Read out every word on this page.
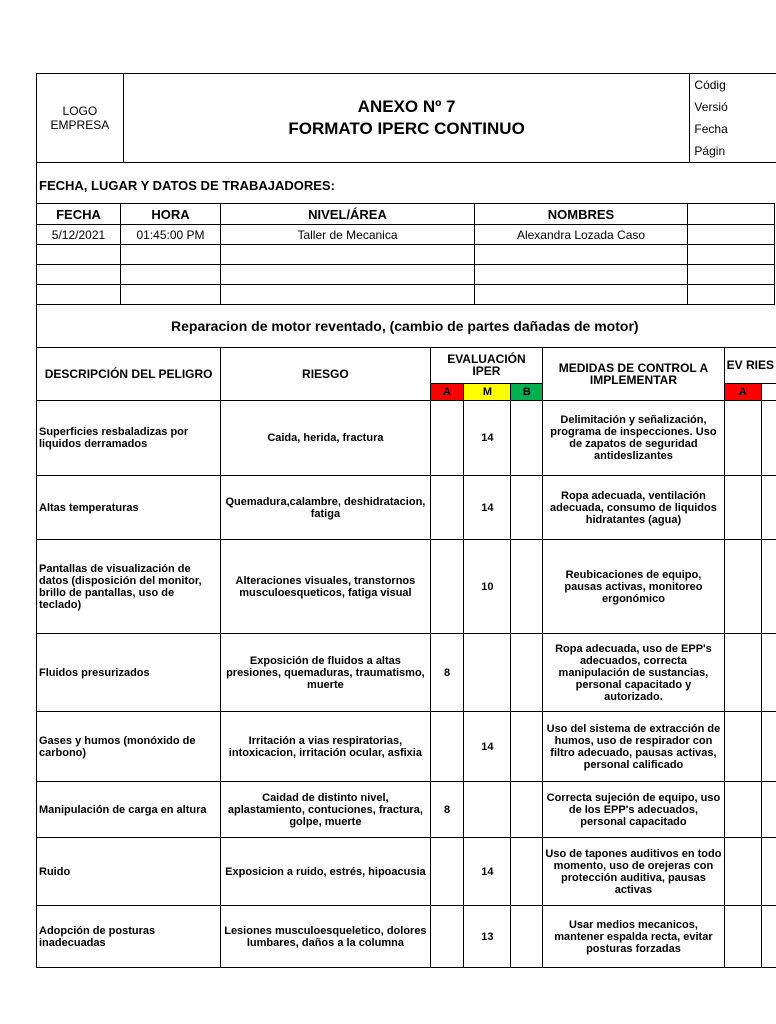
LOGO
EMPRESA

ANEXO Nº 7
FORMATO IPERC CONTINUO

Códig
Versió
Fecha
Págin
FECHA, LUGAR Y DATOS DE TRABAJADORES:
FECHA	HORA	NIVEL/ÁREA	NOMBRES	
5/12/2021	01:45:00 PM	Taller de Mecanica	Alexandra Lozada Caso	

Reparacion de motor reventado, (cambio de partes dañadas de motor)
DESCRIPCIÓN DEL PELIGRO	RIESGO	EVALUACIÓN IPER			MEDIDAS DE CONTROL A IMPLEMENTAR	EV RIES	
		A	M	B		A	
Superficies resbaladizas por liquidos derramados	Caida, herida, fractura		14		Delimitación y señalización, programa de inspecciones. Uso de zapatos de seguridad antideslizantes		
Altas temperaturas	Quemadura,calambre, deshidratacion, fatiga		14		Ropa adecuada, ventilación adecuada, consumo de liquidos hidratantes (agua)		
Pantallas de visualización de datos (disposición del monitor, brillo de pantallas, uso de teclado)	Alteraciones visuales, transtornos musculoesqueticos, fatiga visual		10		Reubicaciones de equipo, pausas activas, monitoreo ergonómico		
Fluidos presurizados	Exposición de fluidos a altas presiones, quemaduras, traumatismo, muerte	8			Ropa adecuada, uso de EPP's adecuados, correcta manipulación de sustancias, personal capacitado y autorizado.		
Gases y humos (monóxido de carbono)	Irritación a vias respiratorias, intoxicacion, irritación ocular, asfixia		14		Uso del sistema de extracción de humos, uso de respirador con filtro adecuado, pausas activas, personal calificado		
Manipulación de carga en altura	Caidad de distinto nivel, aplastamiento, contuciones, fractura, golpe, muerte	8			Correcta sujeción de equipo, uso de los EPP's adecuados, personal capacitado		
Ruido	Exposicion a ruido, estrés, hipoacusia		14		Uso de tapones auditivos en todo momento, uso de orejeras con protección auditiva, pausas activas		
Adopción de posturas inadecuadas	Lesiones musculoesqueletico, dolores lumbares, daños a la columna		13		Usar medios mecanicos, mantener espalda recta, evitar posturas forzadas		
